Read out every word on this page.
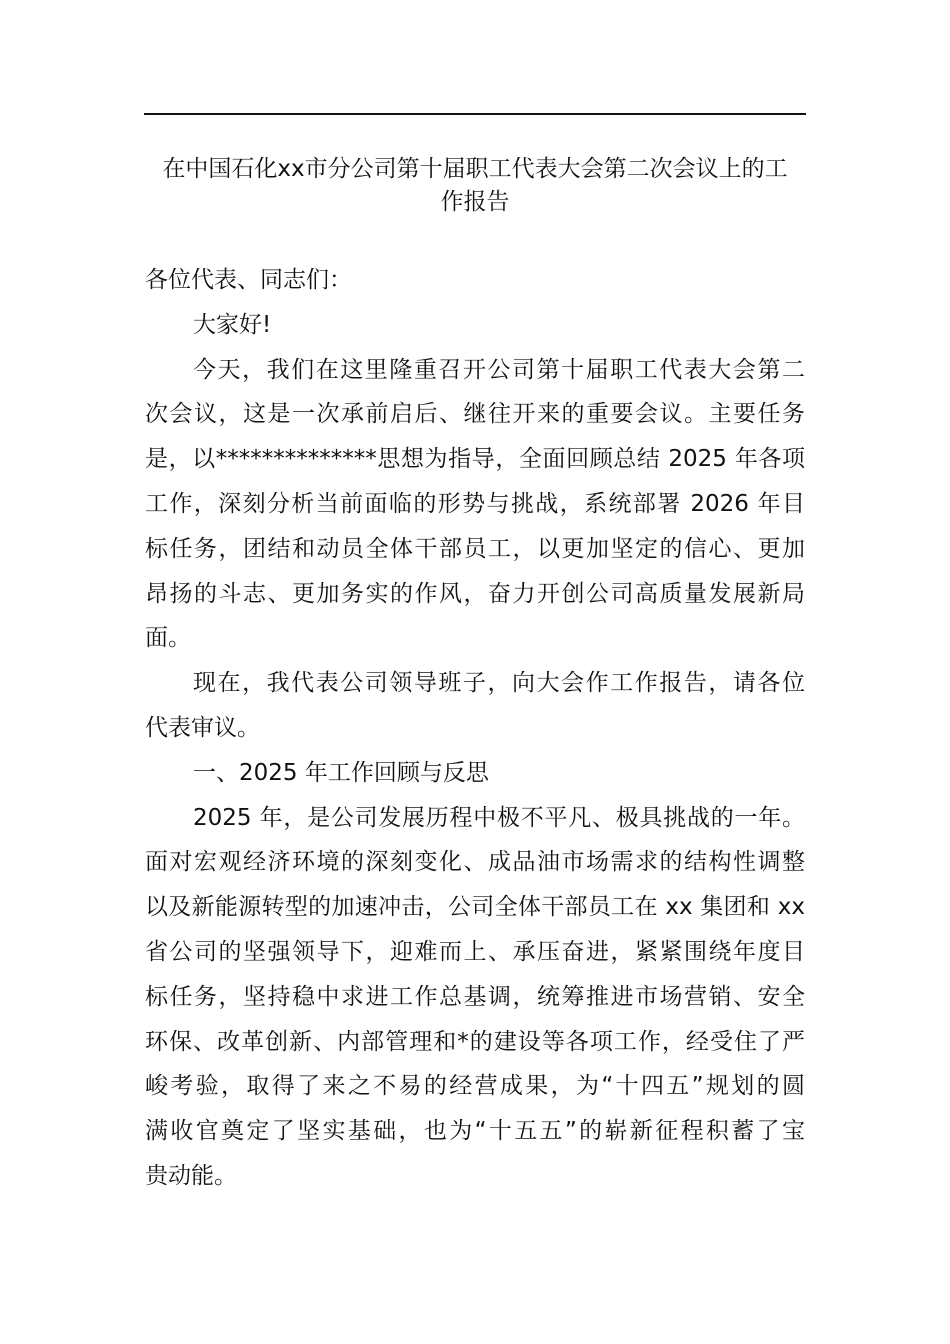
在中国石化xx市分公司第十届职工代表大会第二次会议上的工
作报告
各位代表、同志们：
大家好!
今天，我们在这里隆重召开公司第十届职工代表大会第二
次会议，这是一次承前启后、继往开来的重要会议。主要任务
是，以**************思想为指导，全面回顾总结 2025 年各项
工作，深刻分析当前面临的形势与挑战，系统部署 2026 年目
标任务，团结和动员全体干部员工，以更加坚定的信心、更加
昂扬的斗志、更加务实的作风，奋力开创公司高质量发展新局
面。
现在，我代表公司领导班子，向大会作工作报告，请各位
代表审议。
一、2025 年工作回顾与反思
2025 年，是公司发展历程中极不平凡、极具挑战的一年。
面对宏观经济环境的深刻变化、成品油市场需求的结构性调整
以及新能源转型的加速冲击，公司全体干部员工在 xx 集团和 xx
省公司的坚强领导下，迎难而上、承压奋进，紧紧围绕年度目
标任务，坚持稳中求进工作总基调，统筹推进市场营销、安全
环保、改革创新、内部管理和*的建设等各项工作，经受住了严
峻考验，取得了来之不易的经营成果，为“十四五”规划的圆
满收官奠定了坚实基础，也为“十五五”的崭新征程积蓄了宝
贵动能。
